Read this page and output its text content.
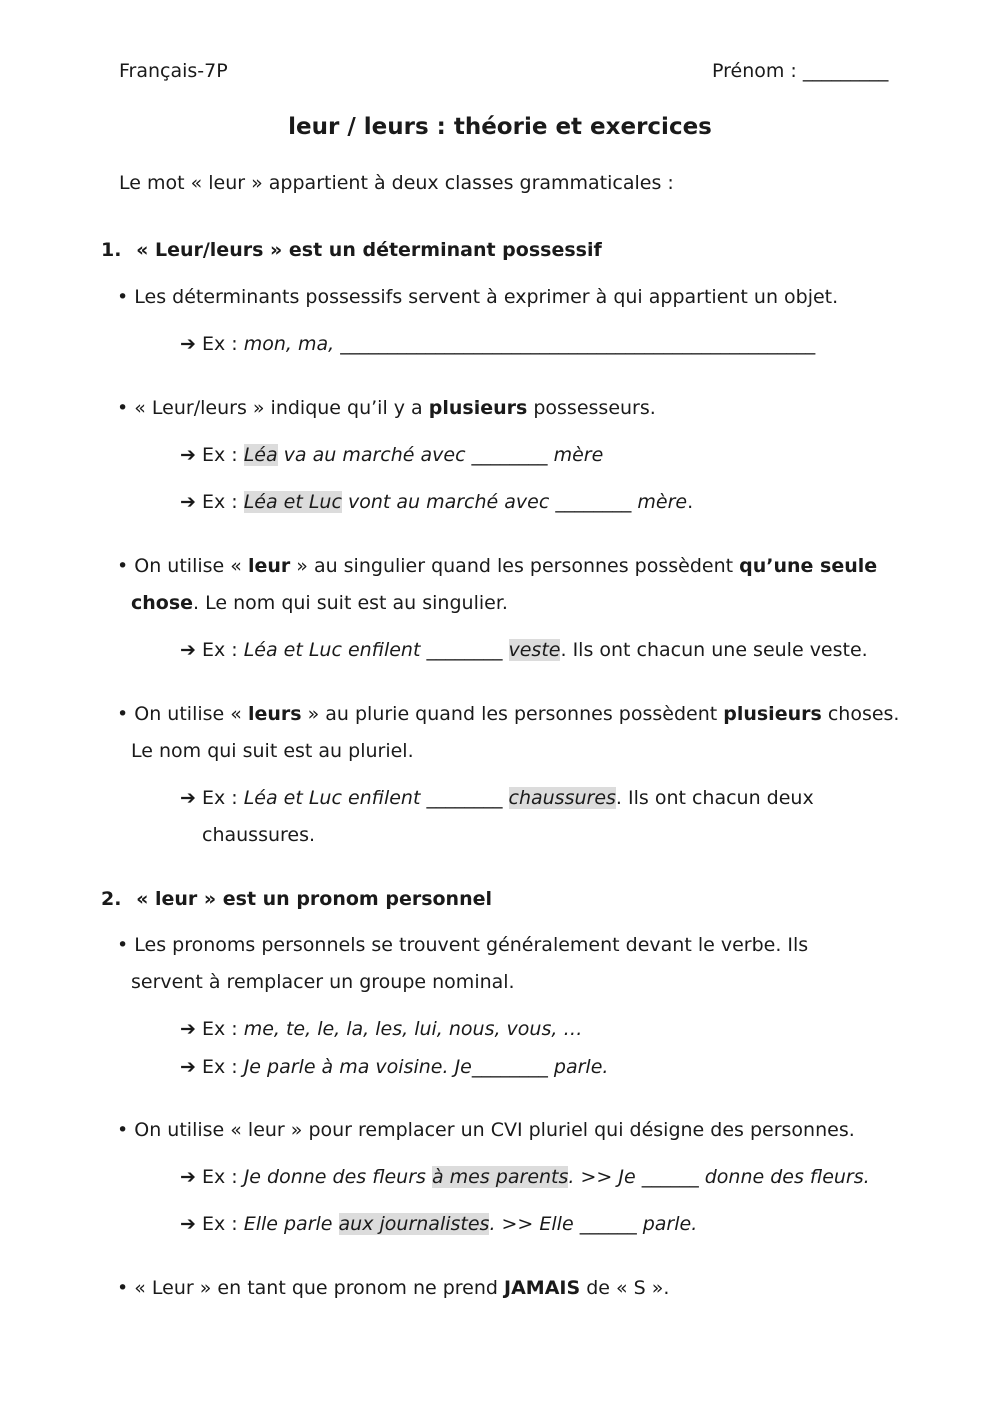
Français-7P	Prénom : _________
leur / leurs : théorie et exercices
Le mot « leur » appartient à deux classes grammaticales :
1. « Leur/leurs » est un déterminant possessif
• Les déterminants possessifs servent à exprimer à qui appartient un objet.
➔ Ex : mon, ma, __________________________________________________
• « Leur/leurs » indique qu’il y a plusieurs possesseurs.
➔ Ex : Léa va au marché avec ________ mère
➔ Ex : Léa et Luc vont au marché avec ________ mère.
• On utilise « leur » au singulier quand les personnes possèdent qu’une seule
chose. Le nom qui suit est au singulier.
➔ Ex : Léa et Luc enfilent ________ veste. Ils ont chacun une seule veste.
• On utilise « leurs » au plurie quand les personnes possèdent plusieurs choses.
Le nom qui suit est au pluriel.
➔ Ex : Léa et Luc enfilent ________ chaussures. Ils ont chacun deux
chaussures.
2. « leur » est un pronom personnel
• Les pronoms personnels se trouvent généralement devant le verbe. Ils
servent à remplacer un groupe nominal.
➔ Ex : me, te, le, la, les, lui, nous, vous, …
➔ Ex : Je parle à ma voisine. Je________ parle.
• On utilise « leur » pour remplacer un CVI pluriel qui désigne des personnes.
➔ Ex : Je donne des fleurs à mes parents. >> Je ______ donne des fleurs.
➔ Ex : Elle parle aux journalistes. >> Elle ______ parle.
• « Leur » en tant que pronom ne prend JAMAIS de « S ».
